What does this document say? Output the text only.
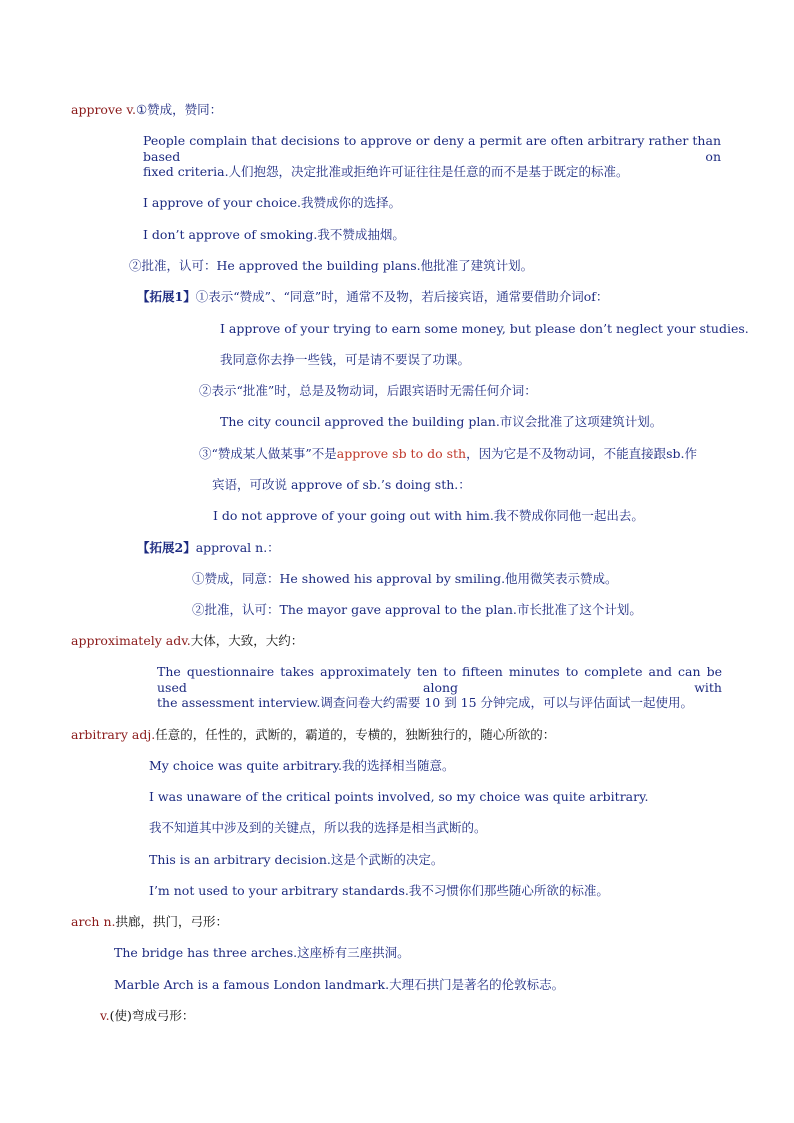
approve v.①赞成，赞同：
People complain that decisions to approve or deny a permit are often arbitrary rather than based on
fixed criteria.人们抱怨，决定批准或拒绝许可证往往是任意的而不是基于既定的标准。
I approve of your choice.我赞成你的选择。
I don’t approve of smoking.我不赞成抽烟。
②批准，认可：He approved the building plans.他批准了建筑计划。
【拓展1】①表示“赞成”、“同意”时，通常不及物，若后接宾语，通常要借助介词of：
I approve of your trying to earn some money, but please don’t neglect your studies.
我同意你去挣一些钱，可是请不要误了功课。
②表示“批准”时，总是及物动词，后跟宾语时无需任何介词：
The city council approved the building plan.市议会批准了这项建筑计划。
③“赞成某人做某事”不是approve sb to do sth，因为它是不及物动词，不能直接跟sb.作
宾语，可改说 approve of sb.’s doing sth.：
I do not approve of your going out with him.我不赞成你同他一起出去。
【拓展2】approval n.：
①赞成，同意：He showed his approval by smiling.他用微笑表示赞成。
②批准，认可：The mayor gave approval to the plan.市长批准了这个计划。
approximately adv.大体，大致，大约：
The questionnaire takes approximately ten to fifteen minutes to complete and can be used along with
the assessment interview.调查问卷大约需要 10 到 15 分钟完成，可以与评估面试一起使用。
arbitrary adj.任意的，任性的，武断的，霸道的，专横的，独断独行的，随心所欲的：
My choice was quite arbitrary.我的选择相当随意。
I was unaware of the critical points involved, so my choice was quite arbitrary.
我不知道其中涉及到的关键点，所以我的选择是相当武断的。
This is an arbitrary decision.这是个武断的决定。
I’m not used to your arbitrary standards.我不习惯你们那些随心所欲的标准。
arch n.拱廊，拱门，弓形：
The bridge has three arches.这座桥有三座拱洞。
Marble Arch is a famous London landmark.大理石拱门是著名的伦敦标志。
v.(使)弯成弓形：
